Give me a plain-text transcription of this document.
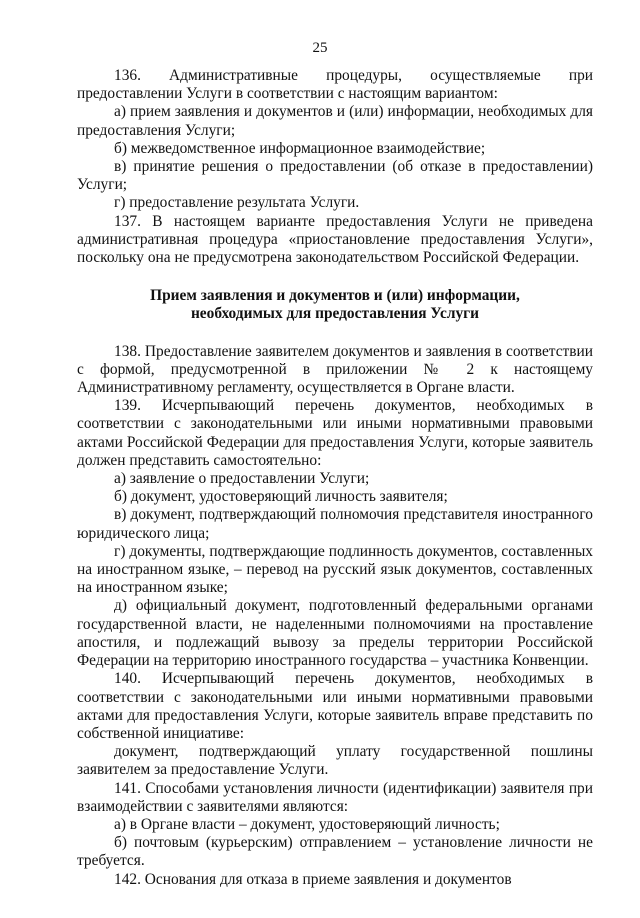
25

136. Административные процедуры, осуществляемые при предоставлении Услуги в соответствии с настоящим вариантом:

а) прием заявления и документов и (или) информации, необходимых для предоставления Услуги;

б) межведомственное информационное взаимодействие;

в) принятие решения о предоставлении (об отказе в предоставлении) Услуги;

г) предоставление результата Услуги.

137. В настоящем варианте предоставления Услуги не приведена административная процедура «приостановление предоставления Услуги», поскольку она не предусмотрена законодательством Российской Федерации.

Прием заявления и документов и (или) информации,
необходимых для предоставления Услуги

138. Предоставление заявителем документов и заявления в соответствии с формой, предусмотренной в приложении № 2 к настоящему Административному регламенту, осуществляется в Органе власти.

139. Исчерпывающий перечень документов, необходимых в соответствии с законодательными или иными нормативными правовыми актами Российской Федерации для предоставления Услуги, которые заявитель должен представить самостоятельно:

а) заявление о предоставлении Услуги;

б) документ, удостоверяющий личность заявителя;

в) документ, подтверждающий полномочия представителя иностранного юридического лица;

г) документы, подтверждающие подлинность документов, составленных на иностранном языке, – перевод на русский язык документов, составленных на иностранном языке;

д) официальный документ, подготовленный федеральными органами государственной власти, не наделенными полномочиями на проставление апостиля, и подлежащий вывозу за пределы территории Российской Федерации на территорию иностранного государства – участника Конвенции.

140. Исчерпывающий перечень документов, необходимых в соответствии с законодательными или иными нормативными правовыми актами для предоставления Услуги, которые заявитель вправе представить по собственной инициативе:

документ, подтверждающий уплату государственной пошлины заявителем за предоставление Услуги.

141. Способами установления личности (идентификации) заявителя при взаимодействии с заявителями являются:

а) в Органе власти – документ, удостоверяющий личность;

б) почтовым (курьерским) отправлением – установление личности не требуется.

142. Основания для отказа в приеме заявления и документов
